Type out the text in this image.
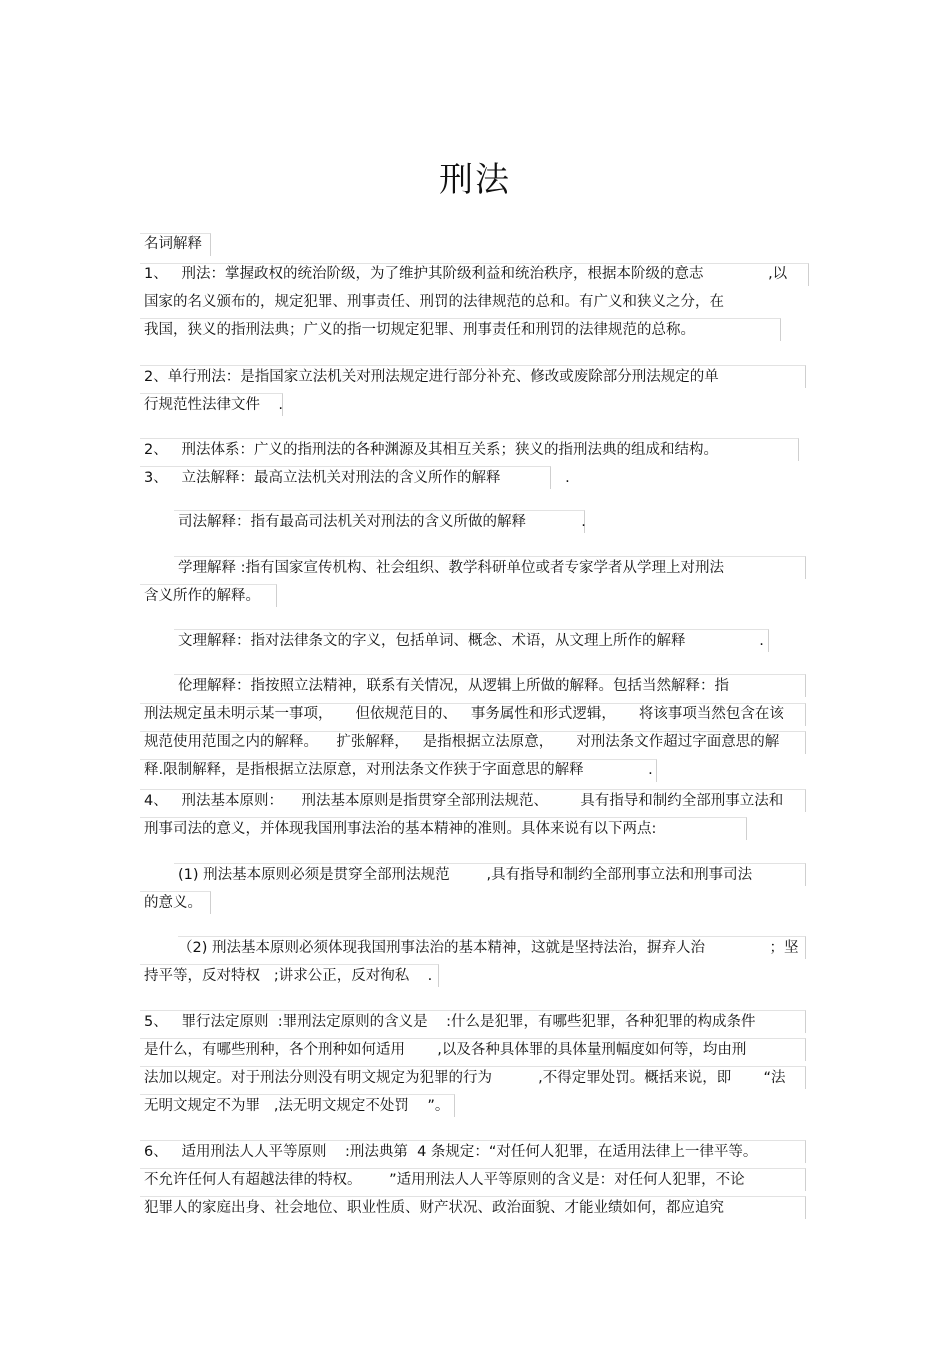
刑法
名词解释
1、   刑法：掌握政权的统治阶级，为了维护其阶级利益和统治秩序，根据本阶级的意志              ,以
国家的名义颁布的，规定犯罪、刑事责任、刑罚的法律规范的总和。有广义和狭义之分，在
我国，狭义的指刑法典；广义的指一切规定犯罪、刑事责任和刑罚的法律规范的总称。
2、单行刑法：是指国家立法机关对刑法规定进行部分补充、修改或废除部分刑法规定的单
行规范性法律文件    .
2、   刑法体系：广义的指刑法的各种渊源及其相互关系；狭义的指刑法典的组成和结构。
3、   立法解释：最高立法机关对刑法的含义所作的解释              .
司法解释：指有最高司法机关对刑法的含义所做的解释            .
学理解释 :指有国家宣传机构、社会组织、教学科研单位或者专家学者从学理上对刑法
含义所作的解释。
文理解释：指对法律条文的字义，包括单词、概念、术语，从文理上所作的解释                .
伦理解释：指按照立法精神，联系有关情况，从逻辑上所做的解释。包括当然解释：指
刑法规定虽未明示某一事项，     但依规范目的、   事务属性和形式逻辑，     将该事项当然包含在该
规范使用范围之内的解释。    扩张解释，   是指根据立法原意，     对刑法条文作超过字面意思的解
释.限制解释，是指根据立法原意，对刑法条文作狭于字面意思的解释              .
4、   刑法基本原则：    刑法基本原则是指贯穿全部刑法规范、       具有指导和制约全部刑事立法和
刑事司法的意义，并体现我国刑事法治的基本精神的准则。具体来说有以下两点:
(1) 刑法基本原则必须是贯穿全部刑法规范        ,具有指导和制约全部刑事立法和刑事司法
的意义。
（2) 刑法基本原则必须体现我国刑事法治的基本精神，这就是坚持法治，摒弃人治              ；坚
持平等，反对特权   ;讲求公正，反对徇私    .
5、   罪行法定原则  :罪刑法定原则的含义是    :什么是犯罪，有哪些犯罪，各种犯罪的构成条件
是什么，有哪些刑种，各个刑种如何适用       ,以及各种具体罪的具体量刑幅度如何等，均由刑
法加以规定。对于刑法分则没有明文规定为犯罪的行为          ,不得定罪处罚。概括来说，即       “法
无明文规定不为罪   ,法无明文规定不处罚    ”。
6、   适用刑法人人平等原则    :刑法典第  4 条规定：“对任何人犯罪，在适用法律上一律平等。
不允许任何人有超越法律的特权。      ”适用刑法人人平等原则的含义是：对任何人犯罪，不论
犯罪人的家庭出身、社会地位、职业性质、财产状况、政治面貌、才能业绩如何，都应追究
